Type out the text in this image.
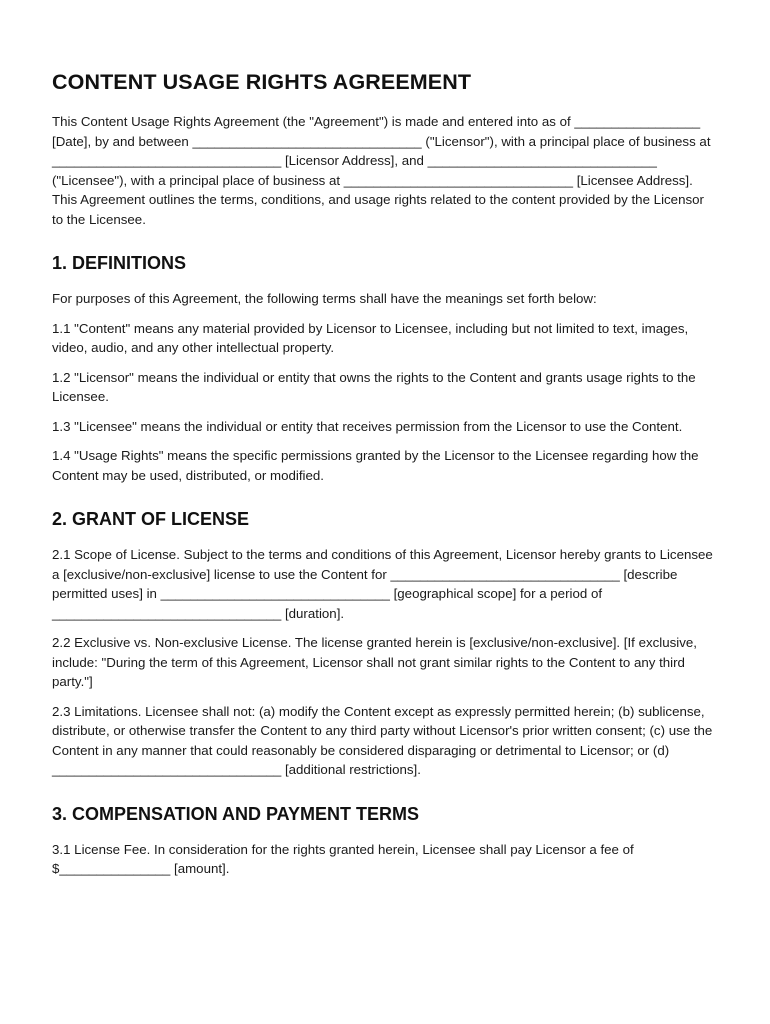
CONTENT USAGE RIGHTS AGREEMENT

This Content Usage Rights Agreement (the "Agreement") is made and entered into as of _________________ [Date], by and between _______________________________ ("Licensor"), with a principal place of business at _______________________________ [Licensor Address], and _______________________________ ("Licensee"), with a principal place of business at _______________________________ [Licensee Address]. This Agreement outlines the terms, conditions, and usage rights related to the content provided by the Licensor to the Licensee.

1. DEFINITIONS

For purposes of this Agreement, the following terms shall have the meanings set forth below:

1.1 "Content" means any material provided by Licensor to Licensee, including but not limited to text, images, video, audio, and any other intellectual property.

1.2 "Licensor" means the individual or entity that owns the rights to the Content and grants usage rights to the Licensee.

1.3 "Licensee" means the individual or entity that receives permission from the Licensor to use the Content.

1.4 "Usage Rights" means the specific permissions granted by the Licensor to the Licensee regarding how the Content may be used, distributed, or modified.

2. GRANT OF LICENSE

2.1 Scope of License. Subject to the terms and conditions of this Agreement, Licensor hereby grants to Licensee a [exclusive/non-exclusive] license to use the Content for _______________________________ [describe permitted uses] in _______________________________ [geographical scope] for a period of _______________________________ [duration].

2.2 Exclusive vs. Non-exclusive License. The license granted herein is [exclusive/non-exclusive]. [If exclusive, include: "During the term of this Agreement, Licensor shall not grant similar rights to the Content to any third party."]

2.3 Limitations. Licensee shall not: (a) modify the Content except as expressly permitted herein; (b) sublicense, distribute, or otherwise transfer the Content to any third party without Licensor's prior written consent; (c) use the Content in any manner that could reasonably be considered disparaging or detrimental to Licensor; or (d) _______________________________ [additional restrictions].

3. COMPENSATION AND PAYMENT TERMS

3.1 License Fee. In consideration for the rights granted herein, Licensee shall pay Licensor a fee of $_______________ [amount].
